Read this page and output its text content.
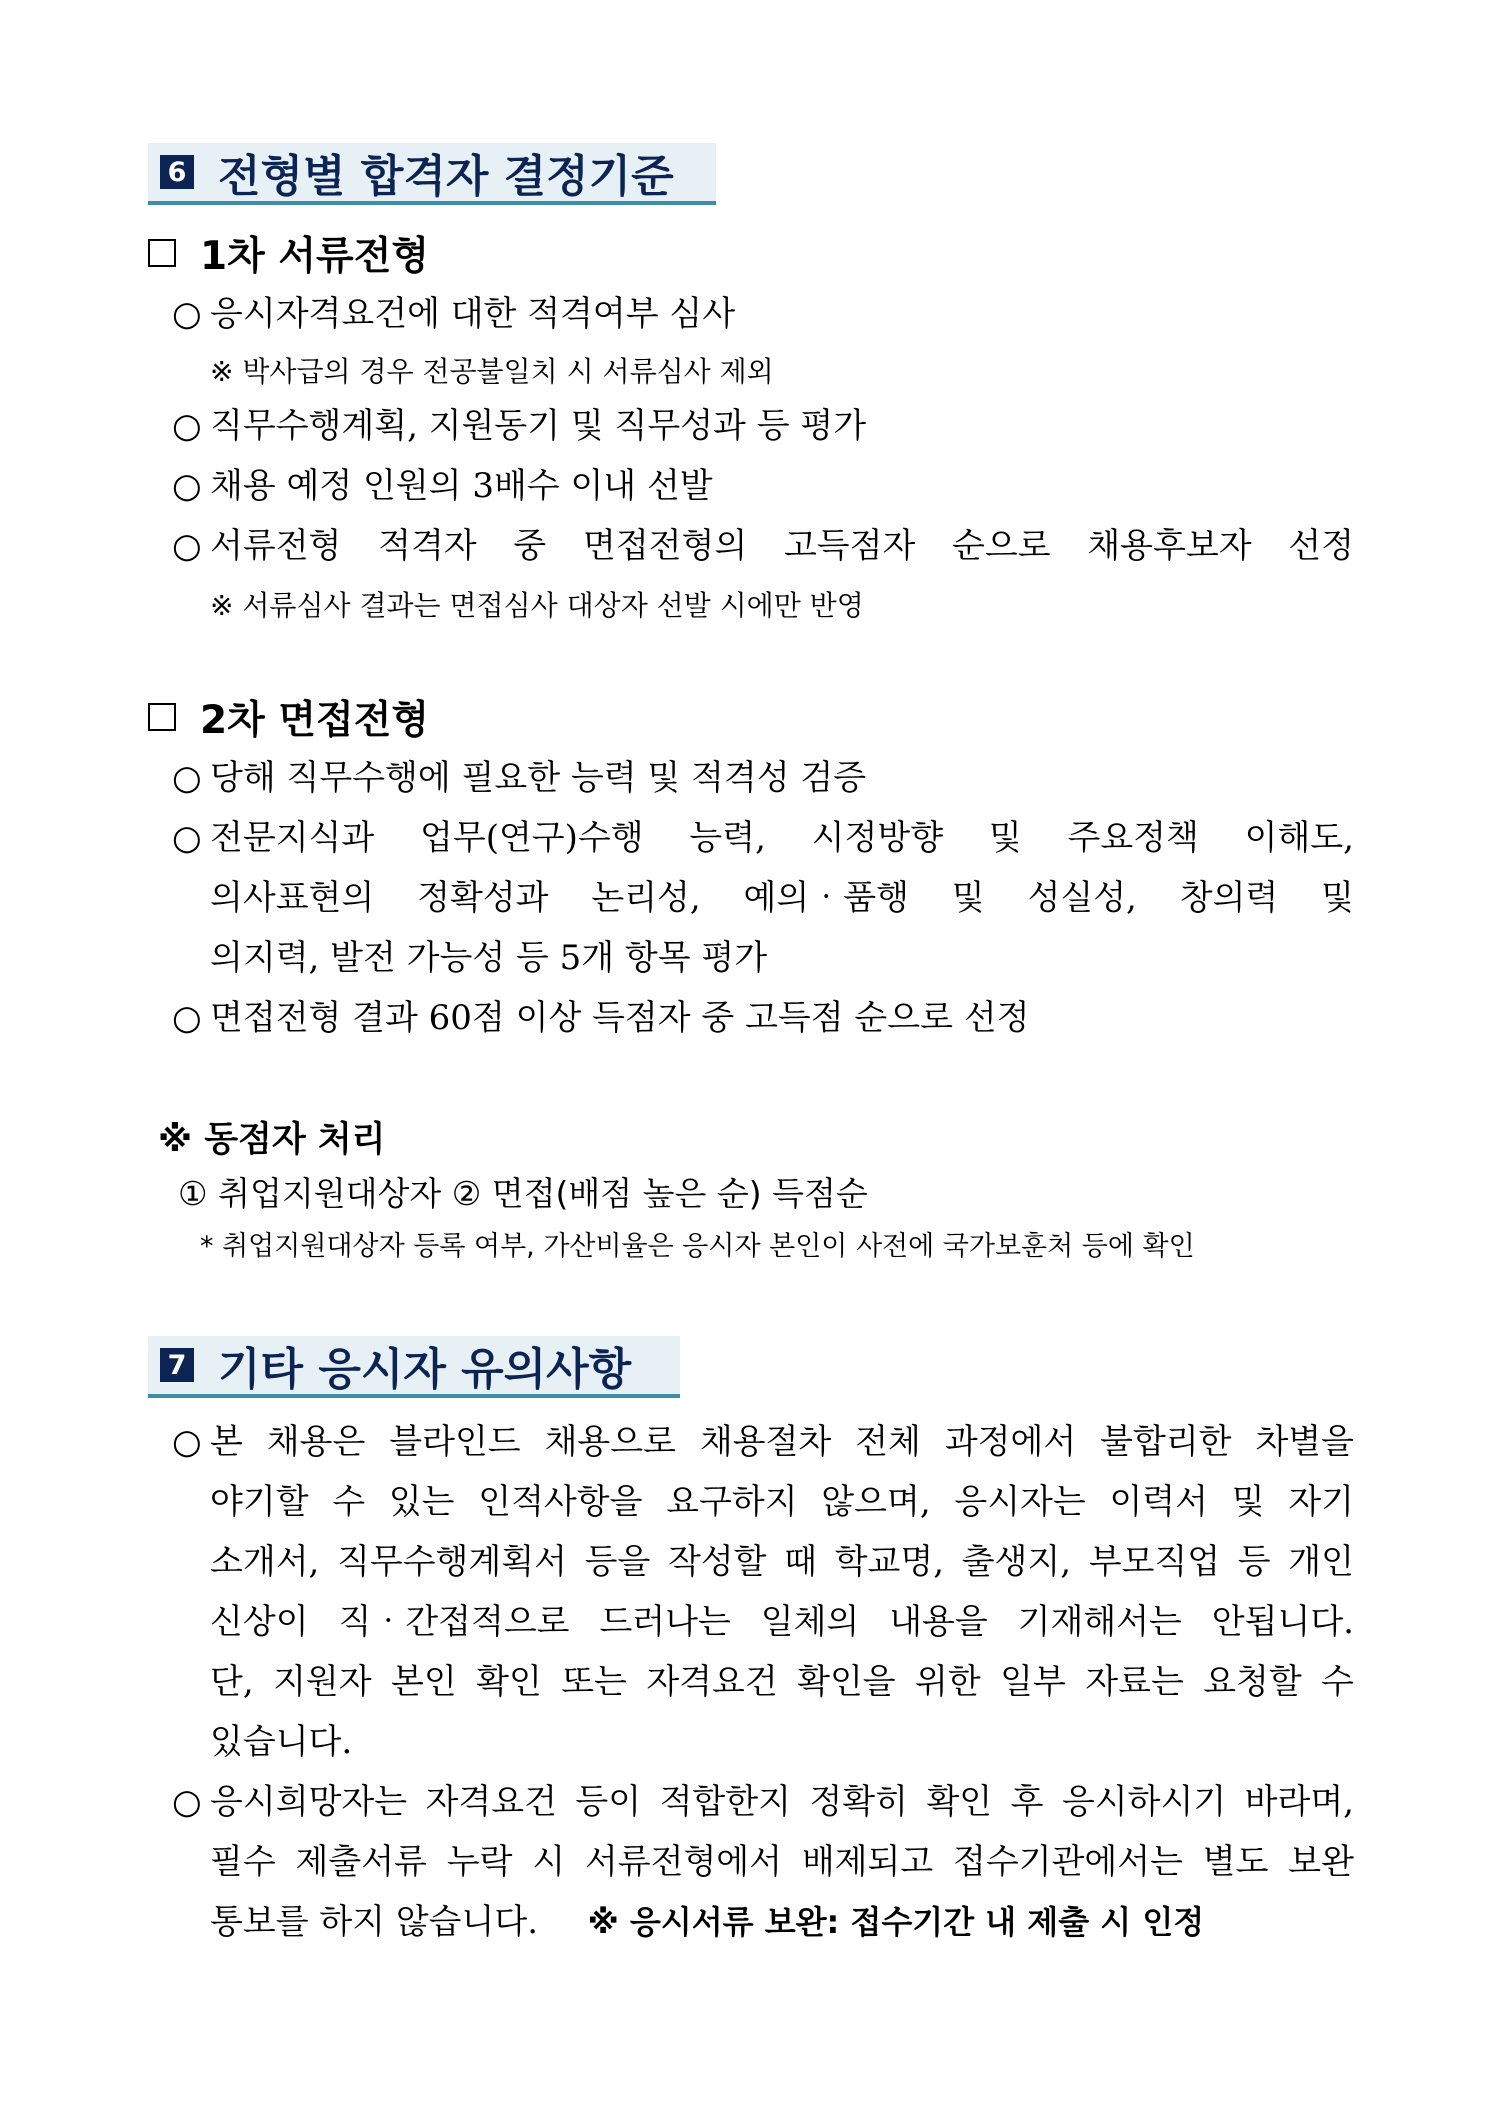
6 전형별 합격자 결정기준
1차 서류전형
○ 응시자격요건에 대한 적격여부 심사
※ 박사급의 경우 전공불일치 시 서류심사 제외
○ 직무수행계획, 지원동기 및 직무성과 등 평가
○ 채용 예정 인원의 3배수 이내 선발
○ 서류전형 적격자 중 면접전형의 고득점자 순으로 채용후보자 선정
※ 서류심사 결과는 면접심사 대상자 선발 시에만 반영
2차 면접전형
○ 당해 직무수행에 필요한 능력 및 적격성 검증
○ 전문지식과 업무(연구)수행 능력, 시정방향 및 주요정책 이해도,
의사표현의 정확성과 논리성, 예의‧품행 및 성실성, 창의력 및
의지력, 발전 가능성 등 5개 항목 평가
○ 면접전형 결과 60점 이상 득점자 중 고득점 순으로 선정
※ 동점자 처리
① 취업지원대상자 ② 면접(배점 높은 순) 득점순
* 취업지원대상자 등록 여부, 가산비율은 응시자 본인이 사전에 국가보훈처 등에 확인
7 기타 응시자 유의사항
○ 본 채용은 블라인드 채용으로 채용절차 전체 과정에서 불합리한 차별을
야기할 수 있는 인적사항을 요구하지 않으며, 응시자는 이력서 및 자기
소개서, 직무수행계획서 등을 작성할 때 학교명, 출생지, 부모직업 등 개인
신상이 직‧간접적으로 드러나는 일체의 내용을 기재해서는 안됩니다.
단, 지원자 본인 확인 또는 자격요건 확인을 위한 일부 자료는 요청할 수
있습니다.
○ 응시희망자는 자격요건 등이 적합한지 정확히 확인 후 응시하시기 바라며,
필수 제출서류 누락 시 서류전형에서 배제되고 접수기관에서는 별도 보완
통보를 하지 않습니다. ※ 응시서류 보완: 접수기간 내 제출 시 인정
